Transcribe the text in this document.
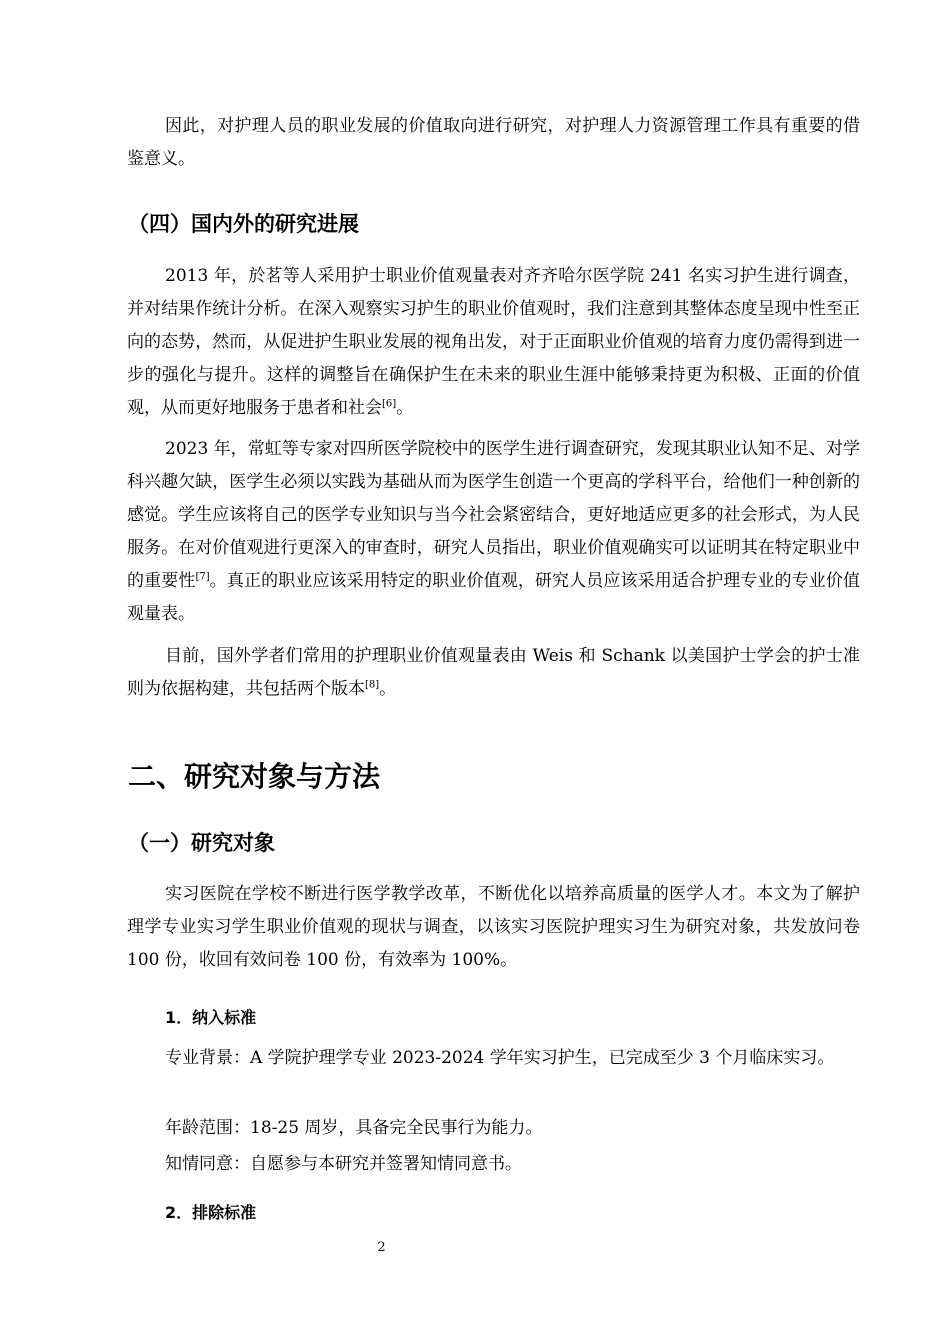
因此，对护理人员的职业发展的价值取向进行研究，对护理人力资源管理工作具有重要的借鉴意义。

（四）国内外的研究进展

2013 年，於茗等人采用护士职业价值观量表对齐齐哈尔医学院 241 名实习护生进行调查，并对结果作统计分析。在深入观察实习护生的职业价值观时，我们注意到其整体态度呈现中性至正向的态势，然而，从促进护生职业发展的视角出发，对于正面职业价值观的培育力度仍需得到进一步的强化与提升。这样的调整旨在确保护生在未来的职业生涯中能够秉持更为积极、正面的价值观，从而更好地服务于患者和社会[6]。

2023 年，常虹等专家对四所医学院校中的医学生进行调查研究，发现其职业认知不足、对学科兴趣欠缺，医学生必须以实践为基础从而为医学生创造一个更高的学科平台，给他们一种创新的感觉。学生应该将自己的医学专业知识与当今社会紧密结合，更好地适应更多的社会形式，为人民服务。在对价值观进行更深入的审查时，研究人员指出，职业价值观确实可以证明其在特定职业中的重要性[7]。真正的职业应该采用特定的职业价值观，研究人员应该采用适合护理专业的专业价值观量表。

目前，国外学者们常用的护理职业价值观量表由 Weis 和 Schank 以美国护士学会的护士准则为依据构建，共包括两个版本[8]。

二、研究对象与方法
（一）研究对象

实习医院在学校不断进行医学教学改革，不断优化以培养高质量的医学人才。本文为了解护理学专业实习学生职业价值观的现状与调查，以该实习医院护理实习生为研究对象，共发放问卷 100 份，收回有效问卷 100 份，有效率为 100%。

1．纳入标准

专业背景：A 学院护理学专业 2023-2024 学年实习护生，已完成至少 3 个月临床实习。

年龄范围：18-25 周岁，具备完全民事行为能力。

知情同意：自愿参与本研究并签署知情同意书。

2．排除标准
2
